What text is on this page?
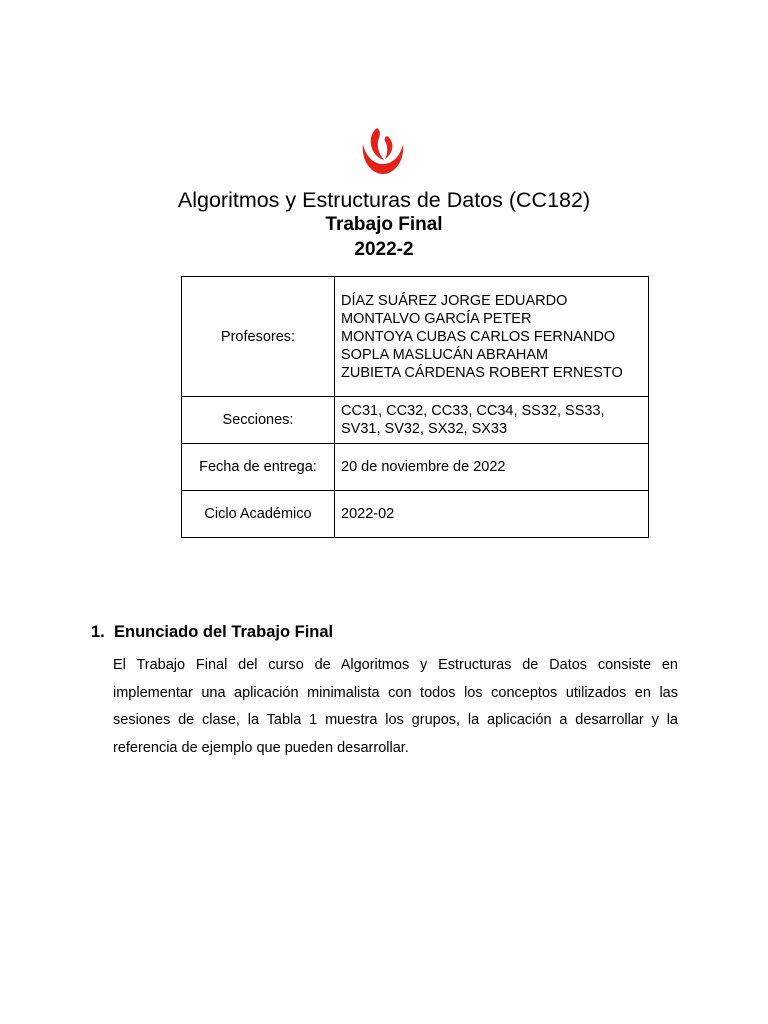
Algoritmos y Estructuras de Datos (CC182)
Trabajo Final
2022-2
Profesores:	DÍAZ SUÁREZ JORGE EDUARDO
MONTALVO GARCÍA PETER
MONTOYA CUBAS CARLOS FERNANDO
SOPLA MASLUCÁN ABRAHAM
ZUBIETA CÁRDENAS ROBERT ERNESTO

Secciones:	CC31, CC32, CC33, CC34, SS32, SS33,
SV31, SV32, SX32, SX33

Fecha de entrega:	20 de noviembre de 2022
Ciclo Académico	2022-02
1. Enunciado del Trabajo Final
El Trabajo Final del curso de Algoritmos y Estructuras de Datos consiste en implementar una aplicación minimalista con todos los conceptos utilizados en las sesiones de clase, la Tabla 1 muestra los grupos, la aplicación a desarrollar y la referencia de ejemplo que pueden desarrollar.
